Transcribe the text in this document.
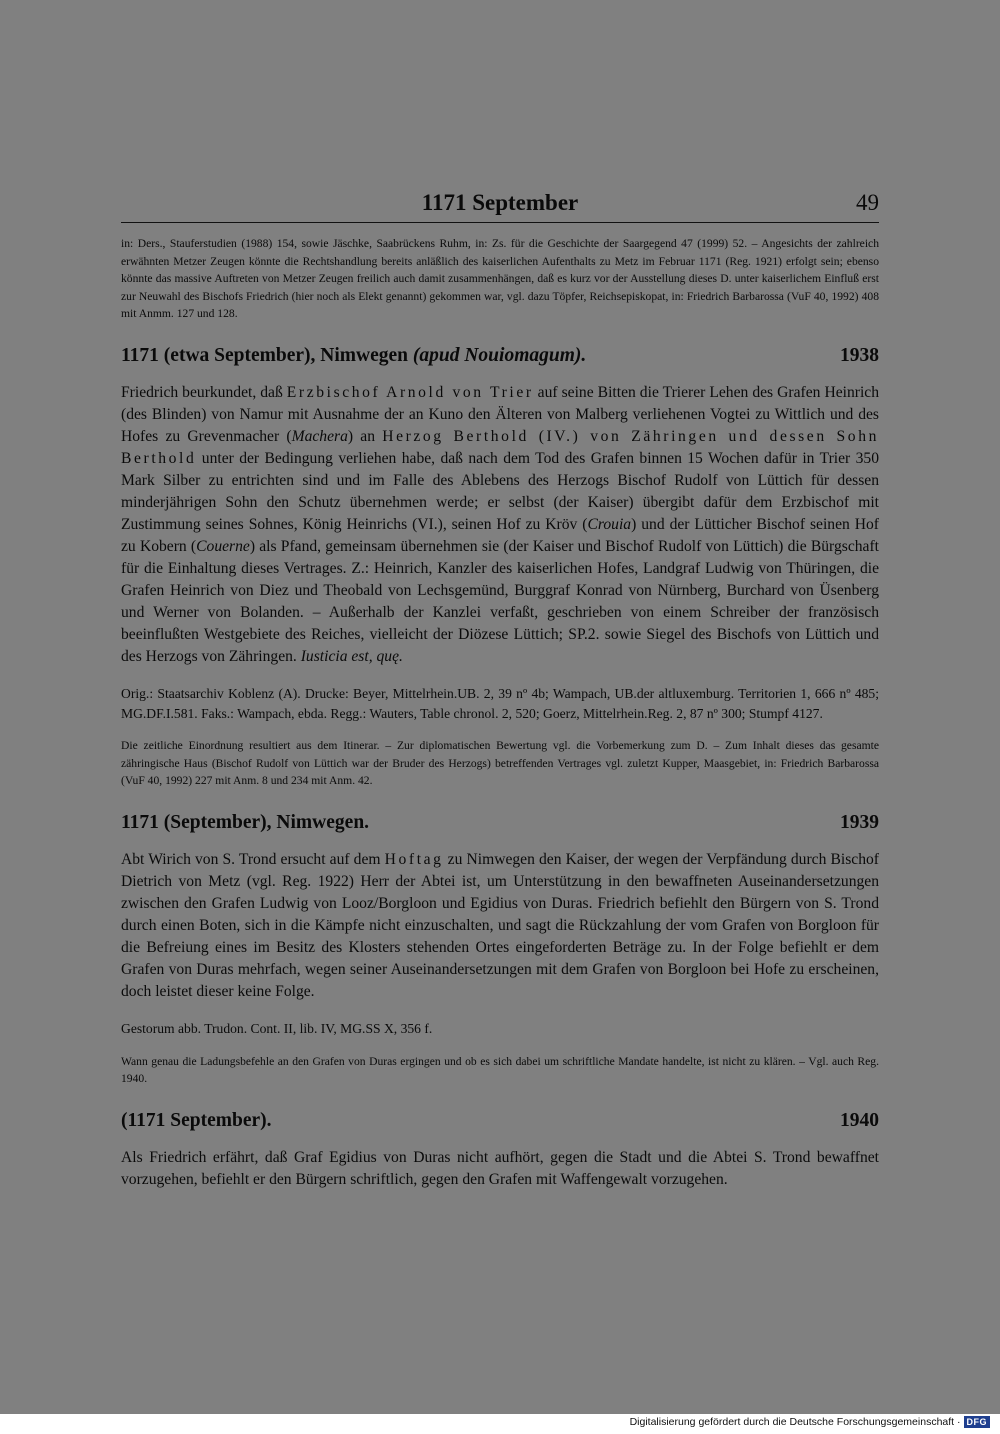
1171 September	49

in: Ders., Stauferstudien (1988) 154, sowie Jäschke, Saabrückens Ruhm, in: Zs. für die Geschichte der Saargegend 47 (1999) 52. – Angesichts der zahlreich erwähnten Metzer Zeugen könnte die Rechtshandlung bereits anläßlich des kaiserlichen Aufenthalts zu Metz im Februar 1171 (Reg. 1921) erfolgt sein; ebenso könnte das massive Auftreten von Metzer Zeugen freilich auch damit zusammenhängen, daß es kurz vor der Ausstellung dieses D. unter kaiserlichem Einfluß erst zur Neuwahl des Bischofs Friedrich (hier noch als Elekt genannt) gekommen war, vgl. dazu Töpfer, Reichsepiskopat, in: Friedrich Barbarossa (VuF 40, 1992) 408 mit Anmm. 127 und 128.

1171 (etwa September), Nimwegen (apud Nouiomagum).	1938

Friedrich beurkundet, daß Erzbischof Arnold von Trier auf seine Bitten die Trierer Lehen des Grafen Heinrich (des Blinden) von Namur mit Ausnahme der an Kuno den Älteren von Malberg verliehenen Vogtei zu Wittlich und des Hofes zu Grevenmacher (Machera) an Herzog Berthold (IV.) von Zähringen und dessen Sohn Berthold unter der Bedingung verliehen habe, daß nach dem Tod des Grafen binnen 15 Wochen dafür in Trier 350 Mark Silber zu entrichten sind und im Falle des Ablebens des Herzogs Bischof Rudolf von Lüttich für dessen minderjährigen Sohn den Schutz übernehmen werde; er selbst (der Kaiser) übergibt dafür dem Erzbischof mit Zustimmung seines Sohnes, König Heinrichs (VI.), seinen Hof zu Kröv (Crouia) und der Lütticher Bischof seinen Hof zu Kobern (Couerne) als Pfand, gemeinsam übernehmen sie (der Kaiser und Bischof Rudolf von Lüttich) die Bürgschaft für die Einhaltung dieses Vertrages. Z.: Heinrich, Kanzler des kaiserlichen Hofes, Landgraf Ludwig von Thüringen, die Grafen Heinrich von Diez und Theobald von Lechsgemünd, Burggraf Konrad von Nürnberg, Burchard von Üsenberg und Werner von Bolanden. – Außerhalb der Kanzlei verfaßt, geschrieben von einem Schreiber der französisch beeinflußten Westgebiete des Reiches, vielleicht der Diözese Lüttich; SP.2. sowie Siegel des Bischofs von Lüttich und des Herzogs von Zähringen. Iusticia est, quę.

Orig.: Staatsarchiv Koblenz (A). Drucke: Beyer, Mittelrhein.UB. 2, 39 nº 4b; Wampach, UB.der altluxemburg. Territorien 1, 666 nº 485; MG.DF.I.581. Faks.: Wampach, ebda. Regg.: Wauters, Table chronol. 2, 520; Goerz, Mittelrhein.Reg. 2, 87 nº 300; Stumpf 4127.

Die zeitliche Einordnung resultiert aus dem Itinerar. – Zur diplomatischen Bewertung vgl. die Vorbemerkung zum D. – Zum Inhalt dieses das gesamte zähringische Haus (Bischof Rudolf von Lüttich war der Bruder des Herzogs) betreffenden Vertrages vgl. zuletzt Kupper, Maasgebiet, in: Friedrich Barbarossa (VuF 40, 1992) 227 mit Anm. 8 und 234 mit Anm. 42.

1171 (September), Nimwegen.	1939

Abt Wirich von S. Trond ersucht auf dem Hoftag zu Nimwegen den Kaiser, der wegen der Verpfändung durch Bischof Dietrich von Metz (vgl. Reg. 1922) Herr der Abtei ist, um Unterstützung in den bewaffneten Auseinandersetzungen zwischen den Grafen Ludwig von Looz/Borgloon und Egidius von Duras. Friedrich befiehlt den Bürgern von S. Trond durch einen Boten, sich in die Kämpfe nicht einzuschalten, und sagt die Rückzahlung der vom Grafen von Borgloon für die Befreiung eines im Besitz des Klosters stehenden Ortes eingeforderten Beträge zu. In der Folge befiehlt er dem Grafen von Duras mehrfach, wegen seiner Auseinandersetzungen mit dem Grafen von Borgloon bei Hofe zu erscheinen, doch leistet dieser keine Folge.

Gestorum abb. Trudon. Cont. II, lib. IV, MG.SS X, 356 f.

Wann genau die Ladungsbefehle an den Grafen von Duras ergingen und ob es sich dabei um schriftliche Mandate handelte, ist nicht zu klären. – Vgl. auch Reg. 1940.

(1171 September).	1940

Als Friedrich erfährt, daß Graf Egidius von Duras nicht aufhört, gegen die Stadt und die Abtei S. Trond bewaffnet vorzugehen, befiehlt er den Bürgern schriftlich, gegen den Grafen mit Waffengewalt vorzugehen.

Digitalisierung gefördert durch die Deutsche Forschungsgemeinschaft · DFG
